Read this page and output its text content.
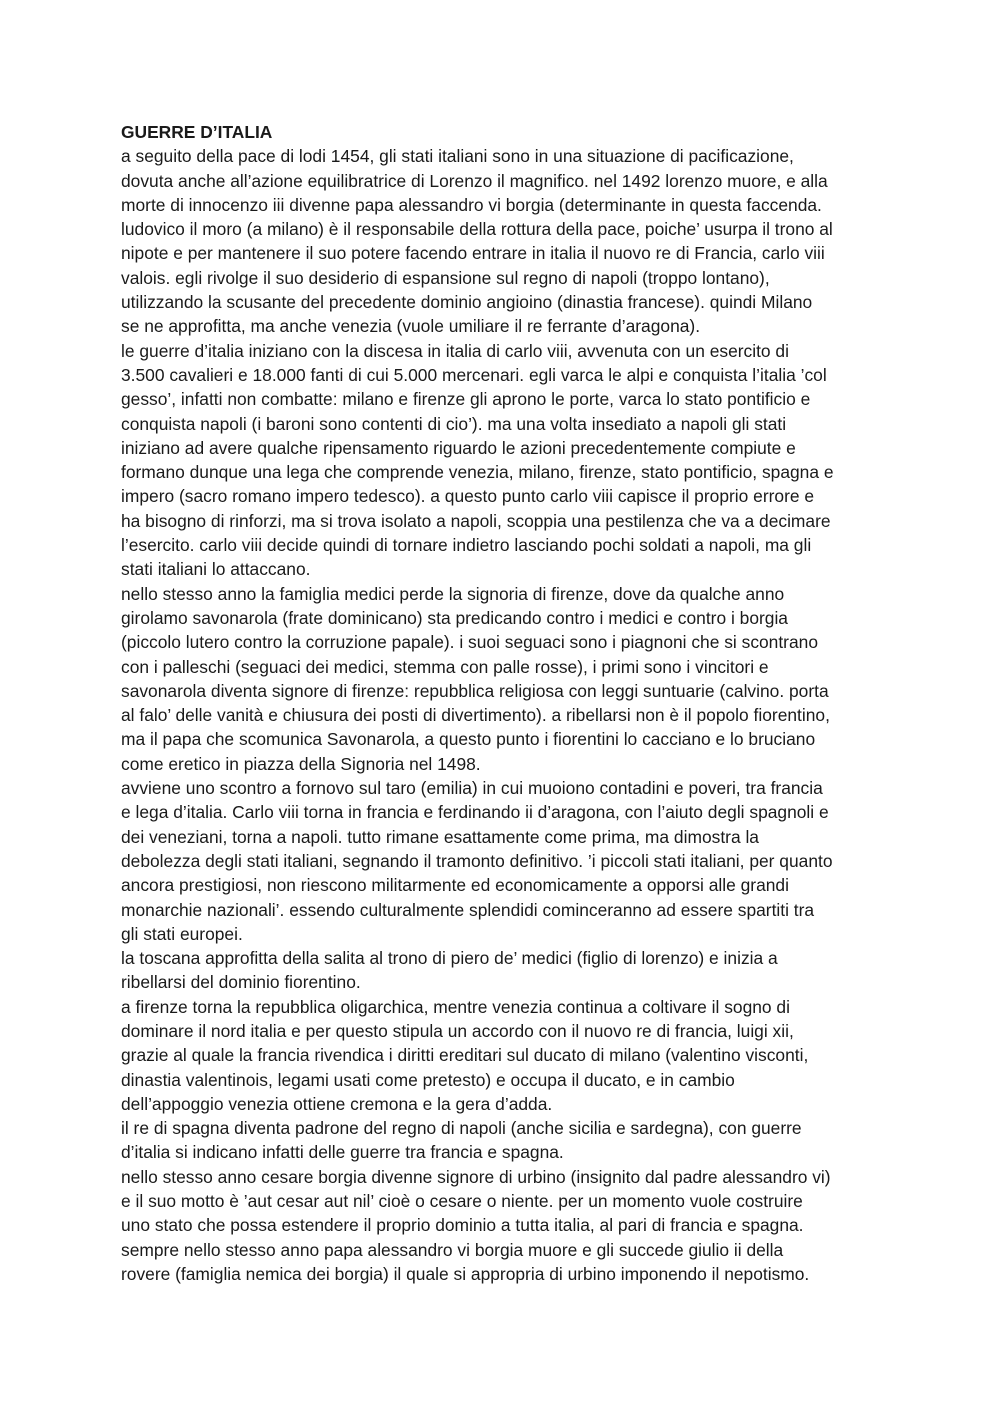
GUERRE D’ITALIA
a seguito della pace di lodi 1454, gli stati italiani sono in una situazione di pacificazione,
dovuta anche all’azione equilibratrice di Lorenzo il magnifico. nel 1492 lorenzo muore, e alla
morte di innocenzo iii divenne papa alessandro vi borgia (determinante in questa faccenda.
ludovico il moro (a milano) è il responsabile della rottura della pace, poiche’ usurpa il trono al
nipote e per mantenere il suo potere facendo entrare in italia il nuovo re di Francia, carlo viii
valois. egli rivolge il suo desiderio di espansione sul regno di napoli (troppo lontano),
utilizzando la scusante del precedente dominio angioino (dinastia francese). quindi Milano
se ne approfitta, ma anche venezia (vuole umiliare il re ferrante d’aragona).
le guerre d’italia iniziano con la discesa in italia di carlo viii, avvenuta con un esercito di
3.500 cavalieri e 18.000 fanti di cui 5.000 mercenari. egli varca le alpi e conquista l’italia ’col
gesso’, infatti non combatte: milano e firenze gli aprono le porte, varca lo stato pontificio e
conquista napoli (i baroni sono contenti di cio’). ma una volta insediato a napoli gli stati
iniziano ad avere qualche ripensamento riguardo le azioni precedentemente compiute e
formano dunque una lega che comprende venezia, milano, firenze, stato pontificio, spagna e
impero (sacro romano impero tedesco). a questo punto carlo viii capisce il proprio errore e
ha bisogno di rinforzi, ma si trova isolato a napoli, scoppia una pestilenza che va a decimare
l’esercito. carlo viii decide quindi di tornare indietro lasciando pochi soldati a napoli, ma gli
stati italiani lo attaccano.
nello stesso anno la famiglia medici perde la signoria di firenze, dove da qualche anno
girolamo savonarola (frate dominicano) sta predicando contro i medici e contro i borgia
(piccolo lutero contro la corruzione papale). i suoi seguaci sono i piagnoni che si scontrano
con i palleschi (seguaci dei medici, stemma con palle rosse), i primi sono i vincitori e
savonarola diventa signore di firenze: repubblica religiosa con leggi suntuarie (calvino. porta
al falo’ delle vanità e chiusura dei posti di divertimento). a ribellarsi non è il popolo fiorentino,
ma il papa che scomunica Savonarola, a questo punto i fiorentini lo cacciano e lo bruciano
come eretico in piazza della Signoria nel 1498.
avviene uno scontro a fornovo sul taro (emilia) in cui muoiono contadini e poveri, tra francia
e lega d’italia. Carlo viii torna in francia e ferdinando ii d’aragona, con l’aiuto degli spagnoli e
dei veneziani, torna a napoli. tutto rimane esattamente come prima, ma dimostra la
debolezza degli stati italiani, segnando il tramonto definitivo. ’i piccoli stati italiani, per quanto
ancora prestigiosi, non riescono militarmente ed economicamente a opporsi alle grandi
monarchie nazionali’. essendo culturalmente splendidi cominceranno ad essere spartiti tra
gli stati europei.
la toscana approfitta della salita al trono di piero de’ medici (figlio di lorenzo) e inizia a
ribellarsi del dominio fiorentino.
a firenze torna la repubblica oligarchica, mentre venezia continua a coltivare il sogno di
dominare il nord italia e per questo stipula un accordo con il nuovo re di francia, luigi xii,
grazie al quale la francia rivendica i diritti ereditari sul ducato di milano (valentino visconti,
dinastia valentinois, legami usati come pretesto) e occupa il ducato, e in cambio
dell’appoggio venezia ottiene cremona e la gera d’adda.
il re di spagna diventa padrone del regno di napoli (anche sicilia e sardegna), con guerre
d’italia si indicano infatti delle guerre tra francia e spagna.
nello stesso anno cesare borgia divenne signore di urbino (insignito dal padre alessandro vi)
e il suo motto è ’aut cesar aut nil’ cioè o cesare o niente. per un momento vuole costruire
uno stato che possa estendere il proprio dominio a tutta italia, al pari di francia e spagna.
sempre nello stesso anno papa alessandro vi borgia muore e gli succede giulio ii della
rovere (famiglia nemica dei borgia) il quale si appropria di urbino imponendo il nepotismo.
